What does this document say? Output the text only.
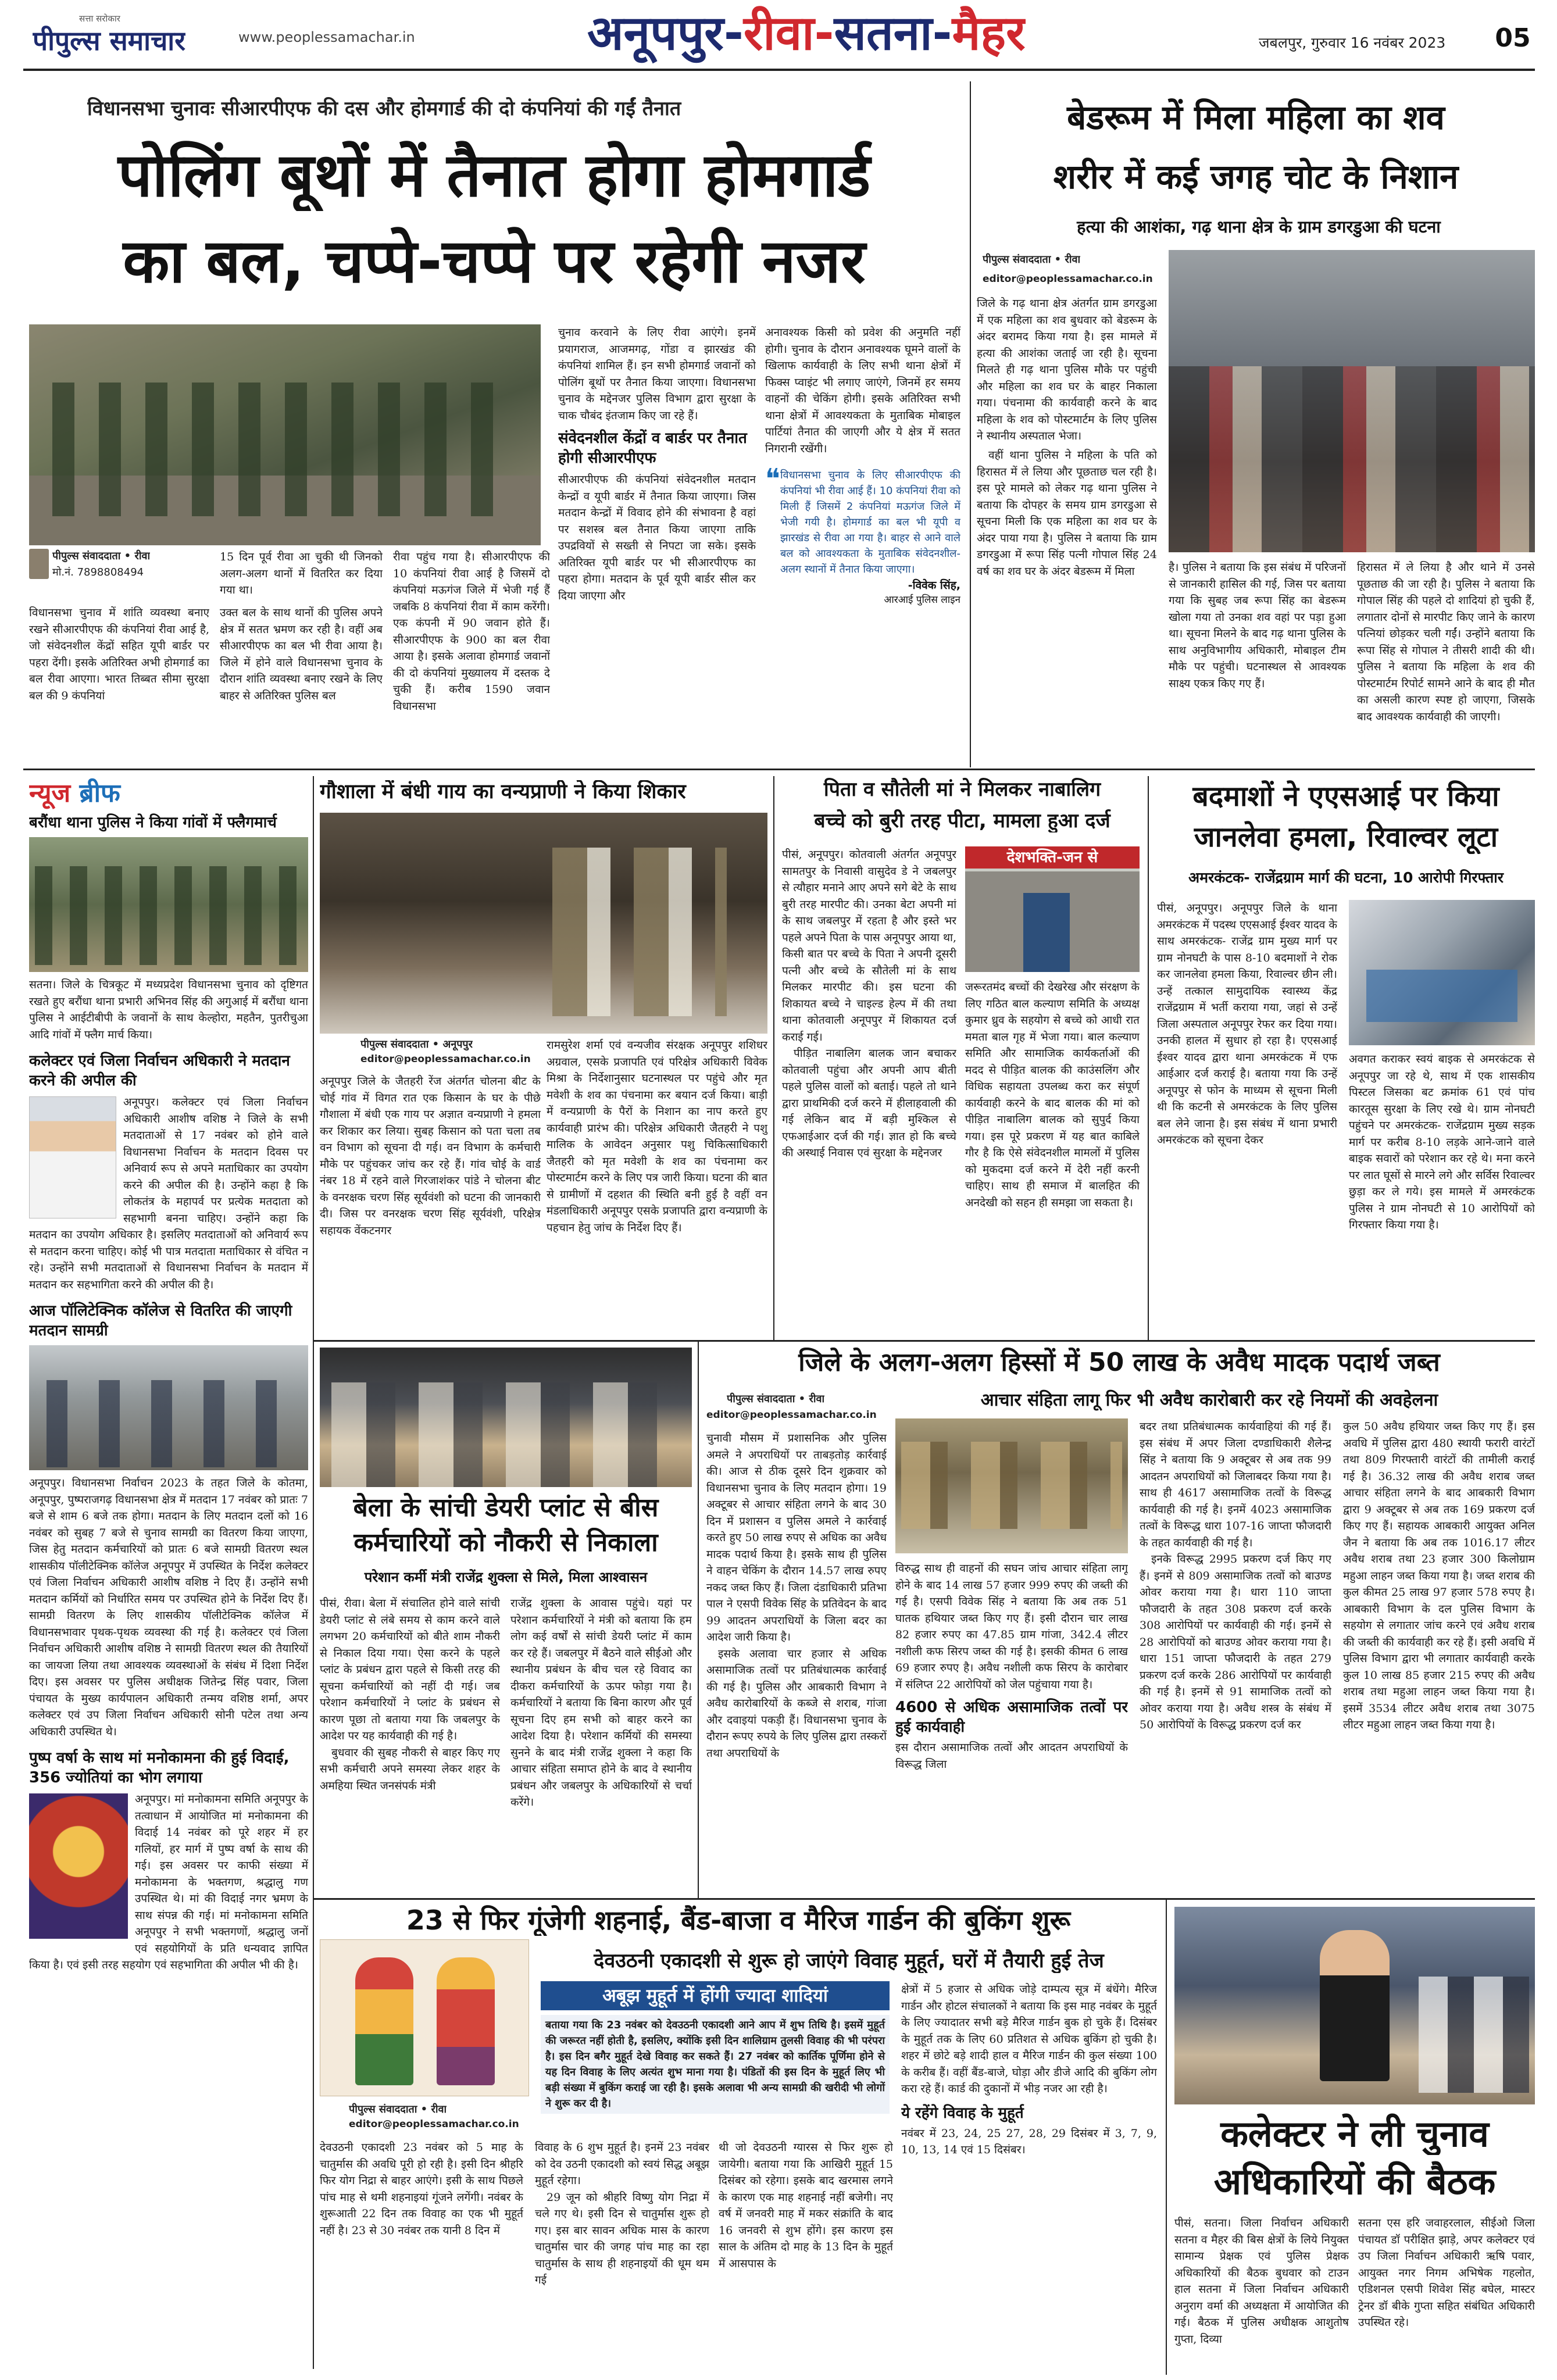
सत्ता सरोकार
पीपुल्स समाचार	www.peoplessamachar.in	अनूपपुर-रीवा-सतना-मैहर	जबलपुर, गुरुवार 16 नवंबर 2023 05
विधानसभा चुनावः सीआरपीएफ की दस और होमगार्ड की दो कंपनियां की गईं तैनात
पोलिंग बूथों में तैनात होगा होमगार्ड
का बल, चप्पे-चप्पे पर रहेगी नजर
पीपुल्स संवाददाता • रीवा
मो.नं. 7898808494
15 दिन पूर्व रीवा आ चुकी थी जिनको अलग-अलग थानों में वितरित कर दिया गया था।
विधानसभा चुनाव में शांति व्यवस्था बनाए रखने सीआरपीएफ की कंपनियां रीवा आई है, जो संवेदनशील केंद्रों सहित यूपी बार्डर पर पहरा देंगी। इसके अतिरिक्त अभी होमगार्ड का बल रीवा आएगा। भारत तिब्बत सीमा सुरक्षा बल की 9 कंपनियां
उक्त बल के साथ थानों की पुलिस अपने क्षेत्र में सतत भ्रमण कर रही है। वहीं अब सीआरपीएफ का बल भी रीवा आया है। जिले में होने वाले विधानसभा चुनाव के दौरान शांति व्यवस्था बनाए रखने के लिए बाहर से अतिरिक्त पुलिस बल
रीवा पहुंच गया है। सीआरपीएफ की 10 कंपनियां रीवा आई है जिसमें दो कंपनियां मऊगंज जिले में भेजी गई हैं जबकि 8 कंपनियां रीवा में काम करेंगी। एक कंपनी में 90 जवान होते हैं। सीआरपीएफ के 900 का बल रीवा आया है। इसके अलावा होमगार्ड जवानों की दो कंपनियां मुख्यालय में दस्तक दे चुकी हैं। करीब 1590 जवान विधानसभा
चुनाव करवाने के लिए रीवा आएंगे। इनमें प्रयागराज, आजमगढ़, गोंडा व झारखंड की कंपनियां शामिल हैं। इन सभी होमगार्ड जवानों को पोलिंग बूथों पर तैनात किया जाएगा। विधानसभा चुनाव के मद्देनजर पुलिस विभाग द्वारा सुरक्षा के चाक चौबंद इंतजाम किए जा रहे हैं।
संवेदनशील केंद्रों व बार्डर पर तैनात होगी सीआरपीएफ
सीआरपीएफ की कंपनियां संवेदनशील मतदान केन्द्रों व यूपी बार्डर में तैनात किया जाएगा। जिस मतदान केन्द्रों में विवाद होने की संभावना है वहां पर सशस्त्र बल तैनात किया जाएगा ताकि उपद्रवियों से सख्ती से निपटा जा सके। इसके अतिरिक्त यूपी बार्डर पर भी सीआरपीएफ का पहरा होगा। मतदान के पूर्व यूपी बार्डर सील कर दिया जाएगा और
अनावश्यक किसी को प्रवेश की अनुमति नहीं होगी। चुनाव के दौरान अनावश्यक घूमने वालों के खिलाफ कार्यवाही के लिए सभी थाना क्षेत्रों में फिक्स प्वाइंट भी लगाए जाएंगे, जिनमें हर समय वाहनों की चेकिंग होगी। इसके अतिरिक्त सभी थाना क्षेत्रों में आवश्यकता के मुताबिक मोबाइल पार्टियां तैनात की जाएगी और ये क्षेत्र में सतत निगरानी रखेंगी।
❝ विधानसभा चुनाव के लिए सीआरपीएफ की कंपनियां भी रीवा आई हैं। 10 कंपनियां रीवा को मिली हैं जिसमें 2 कंपनियां मऊगंज जिले में भेजी गयी है। होमगार्ड का बल भी यूपी व झारखंड से रीवा आ गया है। बाहर से आने वाले बल को आवश्यकता के मुताबिक संवेदनशील-अलग स्थानों में तैनात किया जाएगा।
-विवेक सिंह,
आरआई पुलिस लाइन
बेडरूम में मिला महिला का शव
शरीर में कई जगह चोट के निशान
हत्या की आशंका, गढ़ थाना क्षेत्र के ग्राम डगरडुआ की घटना
पीपुल्स संवाददाता • रीवा
editor@peoplessamachar.co.in
जिले के गढ़ थाना क्षेत्र अंतर्गत ग्राम डगरडुआ में एक महिला का शव बुधवार को बेडरूम के अंदर बरामद किया गया है। इस मामले में हत्या की आशंका जताई जा रही है। सूचना मिलते ही गढ़ थाना पुलिस मौके पर पहुंची और महिला का शव घर के बाहर निकाला गया। पंचनामा की कार्यवाही करने के बाद महिला के शव को पोस्टमार्टम के लिए पुलिस ने स्थानीय अस्पताल भेजा।
वहीं थाना पुलिस ने महिला के पति को हिरासत में ले लिया और पूछताछ चल रही है। इस पूरे मामले को लेकर गढ़ थाना पुलिस ने बताया कि दोपहर के समय ग्राम डगरडुआ से सूचना मिली कि एक महिला का शव घर के अंदर पाया गया है। पुलिस ने बताया कि ग्राम डगरडुआ में रूपा सिंह पत्नी गोपाल सिंह 24 वर्ष का शव घर के अंदर बेडरूम में मिला	है। पुलिस ने बताया कि इस संबंध में परिजनों से जानकारी हासिल की गई, जिस पर बताया गया कि सुबह जब रूपा सिंह का बेडरूम खोला गया तो उनका शव वहां पर पड़ा हुआ था। सूचना मिलने के बाद गढ़ थाना पुलिस के साथ अनुविभागीय अधिकारी, मोबाइल टीम मौके पर पहुंची। घटनास्थल से आवश्यक साक्ष्य एकत्र किए गए हैं।
हिरासत में ले लिया है और थाने में उनसे पूछताछ की जा रही है। पुलिस ने बताया कि गोपाल सिंह की पहले दो शादियां हो चुकी हैं, लगातार दोनों से मारपीट किए जाने के कारण पत्नियां छोड़कर चली गईं। उन्होंने बताया कि रूपा सिंह से गोपाल ने तीसरी शादी की थी। पुलिस ने बताया कि महिला के शव की पोस्टमार्टम रिपोर्ट सामने आने के बाद ही मौत का असली कारण स्पष्ट हो जाएगा, जिसके बाद आवश्यक कार्यवाही की जाएगी।
न्यूज ब्रीफ
बरौंधा थाना पुलिस ने किया गांवों में फ्लैगमार्च
सतना। जिले के चित्रकूट में मध्यप्रदेश विधानसभा चुनाव को दृष्टिगत रखते हुए बरौंधा थाना प्रभारी अभिनव सिंह की अगुआई में बरौंधा थाना पुलिस ने आईटीबीपी के जवानों के साथ केल्होरा, महतैन, पुतरीचुआ आदि गांवों में फ्लैग मार्च किया।
कलेक्टर एवं जिला निर्वाचन अधिकारी ने मतदान करने की अपील की
अनूपपुर। कलेक्टर एवं जिला निर्वाचन अधिकारी आशीष वशिष्ठ ने जिले के सभी मतदाताओं से 17 नवंबर को होने वाले विधानसभा निर्वाचन के मतदान दिवस पर अनिवार्य रूप से अपने मताधिकार का उपयोग करने की अपील की है। उन्होंने कहा है कि लोकतंत्र के महापर्व पर प्रत्येक मतदाता को सहभागी बनना चाहिए। उन्होंने कहा कि मतदान का उपयोग अधिकार है। इसलिए मतदाताओं को अनिवार्य रूप से मतदान करना चाहिए। कोई भी पात्र मतदाता मताधिकार से वंचित न रहे। उन्होंने सभी मतदाताओं से विधानसभा निर्वाचन के मतदान में मतदान कर सहभागिता करने की अपील की है।
आज पॉलिटेक्निक कॉलेज से वितरित की जाएगी मतदान सामग्री
अनूपपुर। विधानसभा निर्वाचन 2023 के तहत जिले के कोतमा, अनूपपुर, पुष्पराजगढ़ विधानसभा क्षेत्र में मतदान 17 नवंबर को प्रातः 7 बजे से शाम 6 बजे तक होगा। मतदान के लिए मतदान दलों को 16 नवंबर को सुबह 7 बजे से चुनाव सामग्री का वितरण किया जाएगा, जिस हेतु मतदान कर्मचारियों को प्रातः 6 बजे सामग्री वितरण स्थल शासकीय पॉलीटेक्निक कॉलेज अनूपपुर में उपस्थित के निर्देश कलेक्टर एवं जिला निर्वाचन अधिकारी आशीष वशिष्ठ ने दिए हैं। उन्होंने सभी मतदान कर्मियों को निर्धारित समय पर उपस्थित होने के निर्देश दिए हैं। सामग्री वितरण के लिए शासकीय पॉलीटेक्निक कॉलेज में विधानसभावार पृथक-पृथक व्यवस्था की गई है। कलेक्टर एवं जिला निर्वाचन अधिकारी आशीष वशिष्ठ ने सामग्री वितरण स्थल की तैयारियों का जायजा लिया तथा आवश्यक व्यवस्थाओं के संबंध में दिशा निर्देश दिए। इस अवसर पर पुलिस अधीक्षक जितेन्द्र सिंह पवार, जिला पंचायत के मुख्य कार्यपालन अधिकारी तन्मय वशिष्ठ शर्मा, अपर कलेक्टर एवं उप जिला निर्वाचन अधिकारी सोनी पटेल तथा अन्य अधिकारी उपस्थित थे।
पुष्प वर्षा के साथ मां मनोकामना की हुई विदाई, 356 ज्योतियां का भोग लगाया
अनूपपुर। मां मनोकामना समिति अनूपपुर के तत्वाधान में आयोजित मां मनोकामना की विदाई 14 नवंबर को पूरे शहर में हर गलियों, हर मार्ग में पुष्प वर्षा के साथ की गई। इस अवसर पर काफी संख्या में मनोकामना के भक्तगण, श्रद्धालु गण उपस्थित थे। मां की विदाई नगर भ्रमण के साथ संपन्न की गई। मां मनोकामना समिति अनूपपुर ने सभी भक्तगणों, श्रद्धालु जनों एवं सहयोगियों के प्रति धन्यवाद ज्ञापित किया है। एवं इसी तरह सहयोग एवं सहभागिता की अपील भी की है।
गौशाला में बंधी गाय का वन्यप्राणी ने किया शिकार
पीपुल्स संवाददाता • अनूपपुर
editor@peoplessamachar.co.in
अनूपपुर जिले के जैतहरी रेंज अंतर्गत चोलना बीट के चोई गांव में विगत रात एक किसान के घर के पीछे गौशाला में बंधी एक गाय पर अज्ञात वन्यप्राणी ने हमला कर शिकार कर लिया। सुबह किसान को पता चला तब वन विभाग को सूचना दी गई। वन विभाग के कर्मचारी मौके पर पहुंचकर जांच कर रहे हैं। गांव चोई के वार्ड नंबर 18 में रहने वाले गिरजाशंकर पांडे ने चोलना बीट के वनरक्षक चरण सिंह सूर्यवंशी को घटना की जानकारी दी। जिस पर वनरक्षक चरण सिंह सूर्यवंशी, परिक्षेत्र सहायक वेंकटनगर
रामसुरेश शर्मा एवं वन्यजीव संरक्षक अनूपपुर शशिधर अग्रवाल, एसके प्रजापति एवं परिक्षेत्र अधिकारी विवेक मिश्रा के निर्देशानुसार घटनास्थल पर पहुंचे और मृत मवेशी के शव का पंचनामा कर बयान दर्ज किया। बाड़ी में वन्यप्राणी के पैरों के निशान का नाप करते हुए कार्यवाही प्रारंभ की। परिक्षेत्र अधिकारी जैतहरी ने पशु मालिक के आवेदन अनुसार पशु चिकित्साधिकारी जैतहरी को मृत मवेशी के शव का पंचनामा कर पोस्टमार्टम करने के लिए पत्र जारी किया। घटना की बात से ग्रामीणों में दहशत की स्थिति बनी हुई है वहीं वन मंडलाधिकारी अनूपपुर एसके प्रजापति द्वारा वन्यप्राणी के पहचान हेतु जांच के निर्देश दिए हैं।
पिता व सौतेली मां ने मिलकर नाबालिग
बच्चे को बुरी तरह पीटा, मामला हुआ दर्ज
देशभक्ति-जन से
पीसं, अनूपपुर। कोतवाली अंतर्गत अनूपपुर सामतपुर के निवासी वासुदेव डे ने जबलपुर से त्यौहार मनाने आए अपने सगे बेटे के साथ बुरी तरह मारपीट की। उनका बेटा अपनी मां के साथ जबलपुर में रहता है और इस्ते भर पहले अपने पिता के पास अनूपपुर आया था, किसी बात पर बच्चे के पिता ने अपनी दूसरी पत्नी और बच्चे के सौतेली मां के साथ मिलकर मारपीट की। इस घटना की शिकायत बच्चे ने चाइल्ड हेल्प में की तथा थाना कोतवाली अनूपपुर में शिकायत दर्ज कराई गई।
पीड़ित नाबालिग बालक जान बचाकर कोतवाली पहुंचा और अपनी आप बीती पहले पुलिस वालों को बताई। पहले तो थाने द्वारा प्राथमिकी दर्ज करने में हीलाहवाली की गई लेकिन बाद में बड़ी मुश्किल से एफआईआर दर्ज की गई। ज्ञात हो कि बच्चे की अस्थाई निवास एवं सुरक्षा के मद्देनजर
जरूरतमंद बच्चों की देखरेख और संरक्षण के लिए गठित बाल कल्याण समिति के अध्यक्ष कुमार ध्रुव के सहयोग से बच्चे को आधी रात ममता बाल गृह में भेजा गया। बाल कल्याण समिति और सामाजिक कार्यकर्ताओं की मदद से पीड़ित बालक की काउंसलिंग और विधिक सहायता उपलब्ध करा कर संपूर्ण कार्यवाही करने के बाद बालक की मां को पीड़ित नाबालिग बालक को सुपुर्द किया गया। इस पूरे प्रकरण में यह बात काबिले गौर है कि ऐसे संवेदनशील मामलों में पुलिस को मुकदमा दर्ज करने में देरी नहीं करनी चाहिए। साथ ही समाज में बालहित की अनदेखी को सहन ही समझा जा सकता है।
बदमाशों ने एएसआई पर किया
जानलेवा हमला, रिवाल्वर लूटा
अमरकंटक- राजेंद्रग्राम मार्ग की घटना, 10 आरोपी गिरफ्तार
पीसं, अनूपपुर। अनूपपुर जिले के थाना अमरकंटक में पदस्थ एएसआई ईश्वर यादव के साथ अमरकंटक- राजेंद्र ग्राम मुख्य मार्ग पर ग्राम नोनघटी के पास 8-10 बदमाशों ने रोक कर जानलेवा हमला किया, रिवाल्वर छीन ली। उन्हें तत्काल सामुदायिक स्वास्थ्य केंद्र राजेंद्रग्राम में भर्ती कराया गया, जहां से उन्हें जिला अस्पताल अनूपपुर रेफर कर दिया गया। उनकी हालत में सुधार हो रहा है। एएसआई ईश्वर यादव द्वारा थाना अमरकंटक में एफ आईआर दर्ज कराई है। बताया गया कि उन्हें अनूपपुर से फोन के माध्यम से सूचना मिली थी कि कटनी से अमरकंटक के लिए पुलिस बल लेने जाना है। इस संबंध में थाना प्रभारी अमरकंटक को सूचना देकर
अवगत कराकर स्वयं बाइक से अमरकंटक से अनूपपुर जा रहे थे, साथ में एक शासकीय पिस्टल जिसका बट क्रमांक 61 एवं पांच कारतूस सुरक्षा के लिए रखे थे। ग्राम नोनघटी पहुंचने पर अमरकंटक- राजेंद्रग्राम मुख्य सड़क मार्ग पर करीब 8-10 लड़के आने-जाने वाले बाइक सवारों को परेशान कर रहे थे। मना करने पर लात घूसों से मारने लगे और सर्विस रिवाल्वर छुड़ा कर ले गये। इस मामले में अमरकंटक पुलिस ने ग्राम नोनघटी से 10 आरोपियों को गिरफ्तार किया गया है।
बेला के सांची डेयरी प्लांट से बीस
कर्मचारियों को नौकरी से निकाला
परेशान कर्मी मंत्री राजेंद्र शुक्ला से मिले, मिला आश्वासन
पीसं, रीवा। बेला में संचालित होने वाले सांची डेयरी प्लांट से लंबे समय से काम करने वाले लगभग 20 कर्मचारियों को बीते शाम नौकरी से निकाल दिया गया। ऐसा करने के पहले प्लांट के प्रबंधन द्वारा पहले से किसी तरह की सूचना कर्मचारियों को नहीं दी गई। जब परेशान कर्मचारियों ने प्लांट के प्रबंधन से कारण पूछा तो बताया गया कि जबलपुर के आदेश पर यह कार्यवाही की गई है।
बुधवार की सुबह नौकरी से बाहर किए गए सभी कर्मचारी अपने समस्या लेकर शहर के अमहिया स्थित जनसंपर्क मंत्री
राजेंद्र शुक्ला के आवास पहुंचे। यहां पर परेशान कर्मचारियों ने मंत्री को बताया कि हम लोग कई वर्षों से सांची डेयरी प्लांट में काम कर रहे हैं। जबलपुर में बैठने वाले सीईओ और स्थानीय प्रबंधन के बीच चल रहे विवाद का दीकरा कर्मचारियों के ऊपर फोड़ा गया है। कर्मचारियों ने बताया कि बिना कारण और पूर्व सूचना दिए हम सभी को बाहर करने का आदेश दिया है। परेशान कर्मियों की समस्या सुनने के बाद मंत्री राजेंद्र शुक्ला ने कहा कि आचार संहिता समाप्त होने के बाद वे स्थानीय प्रबंधन और जबलपुर के अधिकारियों से चर्चा करेंगे।
जिले के अलग-अलग हिस्सों में 50 लाख के अवैध मादक पदार्थ जब्त
आचार संहिता लागू फिर भी अवैध कारोबारी कर रहे नियमों की अवहेलना
पीपुल्स संवाददाता • रीवा
editor@peoplessamachar.co.in
चुनावी मौसम में प्रशासनिक और पुलिस अमले ने अपराधियों पर ताबड़तोड़ कार्रवाई की। आज से ठीक दूसरे दिन शुक्रवार को विधानसभा चुनाव के लिए मतदान होगा। 19 अक्टूबर से आचार संहिता लगने के बाद 30 दिन में प्रशासन व पुलिस अमले ने कार्रवाई करते हुए 50 लाख रुपए से अधिक का अवैध मादक पदार्थ किया है। इसके साथ ही पुलिस ने वाहन चेकिंग के दौरान 14.57 लाख रुपए नकद जब्त किए हैं। जिला दंडाधिकारी प्रतिभा पाल ने एसपी विवेक सिंह के प्रतिवेदन के बाद 99 आदतन अपराधियों के जिला बदर का आदेश जारी किया है।
इसके अलावा चार हजार से अधिक असामाजिक तत्वों पर प्रतिबंधात्मक कार्रवाई की गई है। पुलिस और आबकारी विभाग ने अवैध कारोबारियों के कब्जे से शराब, गांजा और दवाइयां पकड़ी हैं। विधानसभा चुनाव के दौरान रूपए रुपये के लिए पुलिस द्वारा तस्करों तथा अपराधियों के
विरुद्ध साथ ही वाहनों की सघन जांच आचार संहिता लागू होने के बाद 14 लाख 57 हजार 999 रुपए की जब्ती की गई है। एसपी विवेक सिंह ने बताया कि अब तक 51 घातक हथियार जब्त किए गए हैं। इसी दौरान चार लाख 82 हजार रुपए का 47.85 ग्राम गांजा, 342.4 लीटर नशीली कफ सिरप जब्त की गई है। इसकी कीमत 6 लाख 69 हजार रुपए है। अवैध नशीली कफ सिरप के कारोबार में संलिप्त 22 आरोपियों को जेल पहुंचाया गया है।
4600 से अधिक असामाजिक तत्वों पर हुई कार्यवाही
इस दौरान असामाजिक तत्वों और आदतन अपराधियों के विरूद्ध जिला
बदर तथा प्रतिबंधात्मक कार्यवाहियां की गई हैं। इस संबंध में अपर जिला दण्डाधिकारी शैलेन्द्र सिंह ने बताया कि 9 अक्टूबर से अब तक 99 आदतन अपराधियों को जिलाबदर किया गया है। साथ ही 4617 असामाजिक तत्वों के विरूद्ध कार्यवाही की गई है। इनमें 4023 असामाजिक तत्वों के विरूद्ध धारा 107-16 जाप्ता फौजदारी के तहत कार्यवाही की गई है।
इनके विरूद्ध 2995 प्रकरण दर्ज किए गए हैं। इनमें से 809 असामाजिक तत्वों को बाउण्ड ओवर कराया गया है। धारा 110 जाप्ता फौजदारी के तहत 308 प्रकरण दर्ज करके 308 आरोपियों पर कार्यवाही की गई। इनमें से 28 आरोपियों को बाउण्ड ओवर कराया गया है। धारा 151 जाप्ता फौजदारी के तहत 279 प्रकरण दर्ज करके 286 आरोपियों पर कार्यवाही की गई है। इनमें से 91 सामाजिक तत्वों को ओवर कराया गया है। अवैध शस्त्र के संबंध में 50 आरोपियों के विरूद्ध प्रकरण दर्ज कर
कुल 50 अवैध हथियार जब्त किए गए हैं। इस अवधि में पुलिस द्वारा 480 स्थायी फरारी वारंटों तथा 809 गिरफ्तारी वारंटों की तामीली कराई गई है। 36.32 लाख की अवैध शराब जब्त आचार संहिता लगने के बाद आबकारी विभाग द्वारा 9 अक्टूबर से अब तक 169 प्रकरण दर्ज किए गए हैं। सहायक आबकारी आयुक्त अनिल जैन ने बताया कि अब तक 1016.17 लीटर अवैध शराब तथा 23 हजार 300 किलोग्राम महुआ लाहन जब्त किया गया है। जब्त शराब की कुल कीमत 25 लाख 97 हजार 578 रुपए है। आबकारी विभाग के दल पुलिस विभाग के सहयोग से लगातार जांच करने एवं अवैध शराब की जब्ती की कार्यवाही कर रहे हैं। इसी अवधि में पुलिस विभाग द्वारा भी लगातार कार्यवाही करके कुल 10 लाख 85 हजार 215 रुपए की अवैध शराब तथा महुआ लाहन जब्त किया गया है। इसमें 3534 लीटर अवैध शराब तथा 3075 लीटर महुआ लाहन जब्त किया गया है।
23 से फिर गूंजेगी शहनाई, बैंड-बाजा व मैरिज गार्डन की बुकिंग शुरू
देवउठनी एकादशी से शुरू हो जाएंगे विवाह मुहूर्त, घरों में तैयारी हुई तेज
पीपुल्स संवाददाता • रीवा
editor@peoplessamachar.co.in
अबूझ मुहूर्त में होंगी ज्यादा शादियां
बताया गया कि 23 नवंबर को देवउठनी एकादशी आने आप में शुभ तिथि है। इसमें मुहूर्त की जरूरत नहीं होती है, इसलिए, क्योंकि इसी दिन शालिग्राम तुलसी विवाह की भी परंपरा है। इस दिन बगैर मुहूर्त देखे विवाह कर सकते हैं। 27 नवंबर को कार्तिक पूर्णिमा होने से यह दिन विवाह के लिए अत्यंत शुभ माना गया है। पंडितों की इस दिन के मुहूर्त लिए भी बड़ी संख्या में बुकिंग कराई जा रही है। इसके अलावा भी अन्य सामग्री की खरीदी भी लोगों ने शुरू कर दी है।
देवउठनी एकादशी 23 नवंबर को 5 माह के चातुर्मास की अवधि पूरी हो रही है। इसी दिन श्रीहरि फिर योग निद्रा से बाहर आएंगे। इसी के साथ पिछले पांच माह से थमी शहनाइयां गूंजने लगेंगी। नवंबर के शुरूआती 22 दिन तक विवाह का एक भी मुहूर्त नहीं है। 23 से 30 नवंबर तक यानी 8 दिन में
विवाह के 6 शुभ मुहूर्त है। इनमें 23 नवंबर को देव उठनी एकादशी को स्वयं सिद्ध अबूझ मुहूर्त रहेगा।
29 जून को श्रीहरि विष्णु योग निद्रा में चले गए थे। इसी दिन से चातुर्मास शुरू हो गए। इस बार सावन अधिक मास के कारण चातुर्मास चार की जगह पांच माह का रहा चातुर्मास के साथ ही शहनाइयों की धूम थम गई
थी जो देवउठनी ग्यारस से फिर शुरू हो जायेगी। बताया गया कि आखिरी मुहूर्त 15 दिसंबर को रहेगा। इसके बाद खरमास लगने के कारण एक माह शहनाई नहीं बजेगी। नए वर्ष में जनवरी माह में मकर संक्रांति के बाद 16 जनवरी से शुभ होंगे। इस कारण इस साल के अंतिम दो माह के 13 दिन के मुहूर्त में आसपास के
क्षेत्रों में 5 हजार से अधिक जोड़े दाम्पत्य सूत्र में बंधेंगे। मैरिज गार्डन और होटल संचालकों ने बताया कि इस माह नवंबर के मुहूर्त के लिए ज्यादातर सभी बड़े मैरिज गार्डन बुक हो चुके हैं। दिसंबर के मुहूर्त तक के लिए 60 प्रतिशत से अधिक बुकिंग हो चुकी है। शहर में छोटे बड़े शादी हाल व मैरिज गार्डन की कुल संख्या 100 के करीब हैं। वहीं बैंड-बाजे, घोड़ा और डीजे आदि की बुकिंग लोग करा रहे हैं। कार्ड की दुकानों में भीड़ नजर आ रही है।
ये रहेंगे विवाह के मुहूर्त
नवंबर में 23, 24, 25 27, 28, 29 दिसंबर में 3, 7, 9, 10, 13, 14 एवं 15 दिसंबर।	कलेक्टर ने ली चुनाव
अधिकारियों की बैठक
पीसं, सतना। जिला निर्वाचन अधिकारी सतना व मैहर की बिस क्षेत्रों के लिये नियुक्त सामान्य प्रेक्षक एवं पुलिस प्रेक्षक अधिकारियों की बैठक बुधवार को टाउन हाल सतना में जिला निर्वाचन अधिकारी अनुराग वर्मा की अध्यक्षता में आयोजित की गई। बैठक में पुलिस अधीक्षक आशुतोष गुप्ता, दिव्या
सतना एस हरि जवाहरलाल, सीईओ जिला पंचायत डॉ परीक्षित झाड़े, अपर कलेक्टर एवं उप जिला निर्वाचन अधिकारी ऋषि पवार, आयुक्त नगर निगम अभिषेक गहलोत, एडिशनल एसपी शिवेश सिंह बघेल, मास्टर ट्रेनर डॉ बीके गुप्ता सहित संबंधित अधिकारी उपस्थित रहे।
